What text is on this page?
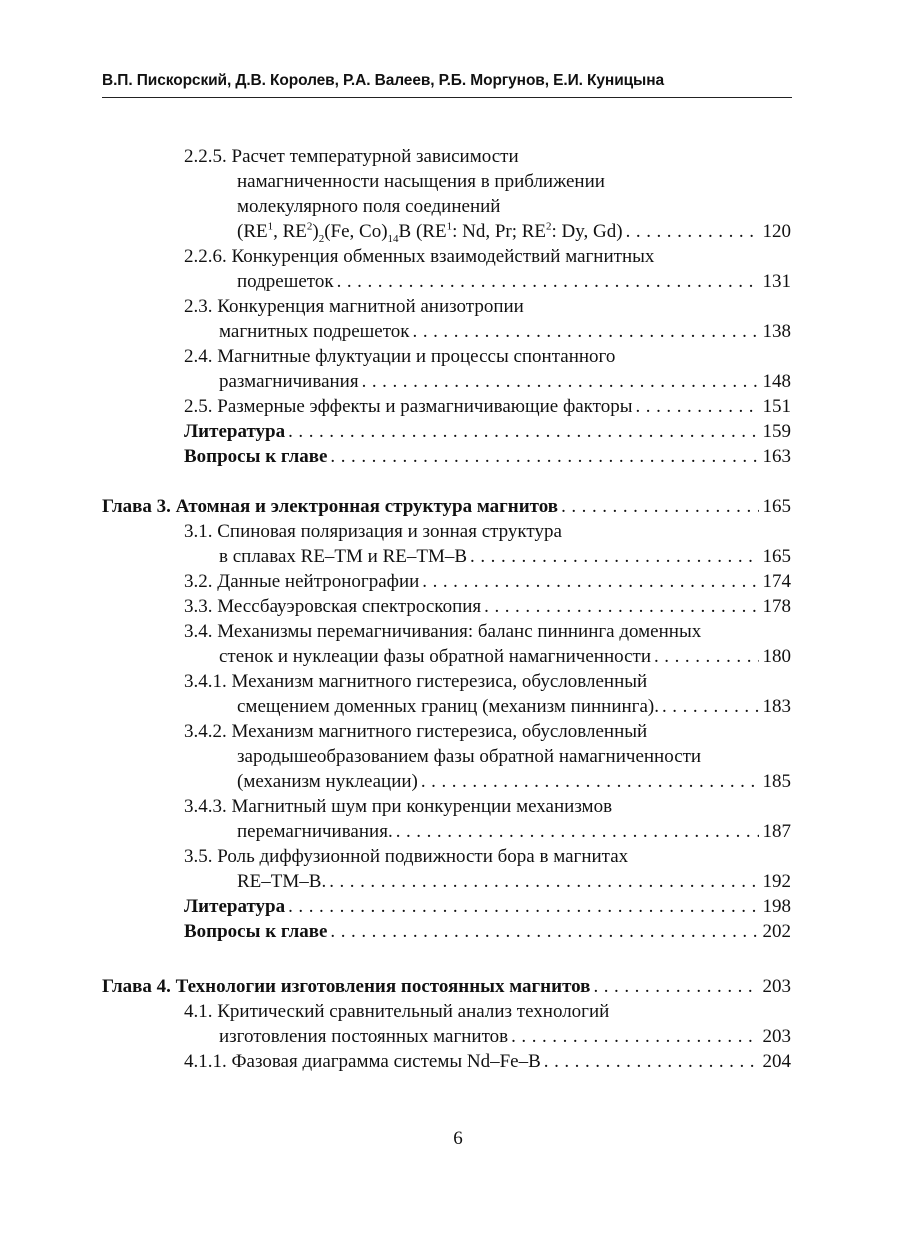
В.П. Пискорский, Д.В. Королев, Р.А. Валеев, Р.Б. Моргунов, Е.И. Куницына
2.2.5. Расчет температурной зависимости
намагниченности насыщения в приближении
молекулярного поля соединений
($RE^1$, $RE^2)_2(Fe$, $Co)_{14}B$ ($RE^1$: Nd, Pr; $RE^2$: Dy, Gd) . . .	120
2.2.6. Конкуренция обменных взаимодействий магнитных
подрешеток . . .	131
2.3. Конкуренция магнитной анизотропии
магнитных подрешеток . . .	138
2.4. Магнитные флуктуации и процессы спонтанного
размагничивания . . .	148
2.5. Размерные эффекты и размагничивающие факторы . . .	151
Литература . . .	159
Вопросы к главе . . .	163
Глава 3. Атомная и электронная структура магнитов . . .	165
3.1. Спиновая поляризация и зонная структура
в сплавах RE–TM и RE–TM–B . . .	165
3.2. Данные нейтронографии . . .	174
3.3. Мессбауэровская спектроскопия . . .	178
3.4. Механизмы перемагничивания: баланс пиннинга доменных
стенок и нуклеации фазы обратной намагниченности . . .	180
3.4.1. Механизм магнитного гистерезиса, обусловленный
смещением доменных границ (механизм пиннинга). . . .	183
3.4.2. Механизм магнитного гистерезиса, обусловленный
зародышеобразованием фазы обратной намагниченности
(механизм нуклеации) . . .	185
3.4.3. Магнитный шум при конкуренции механизмов
перемагничивания. . . .	187
3.5. Роль диффузионной подвижности бора в магнитах
RE–TM–B. . . .	192
Литература . . .	198
Вопросы к главе . . .	202
Глава 4. Технологии изготовления постоянных магнитов . . .	203
4.1. Критический сравнительный анализ технологий
изготовления постоянных магнитов . . .	203
4.1.1. Фазовая диаграмма системы Nd–Fe–B . . .	204
6
